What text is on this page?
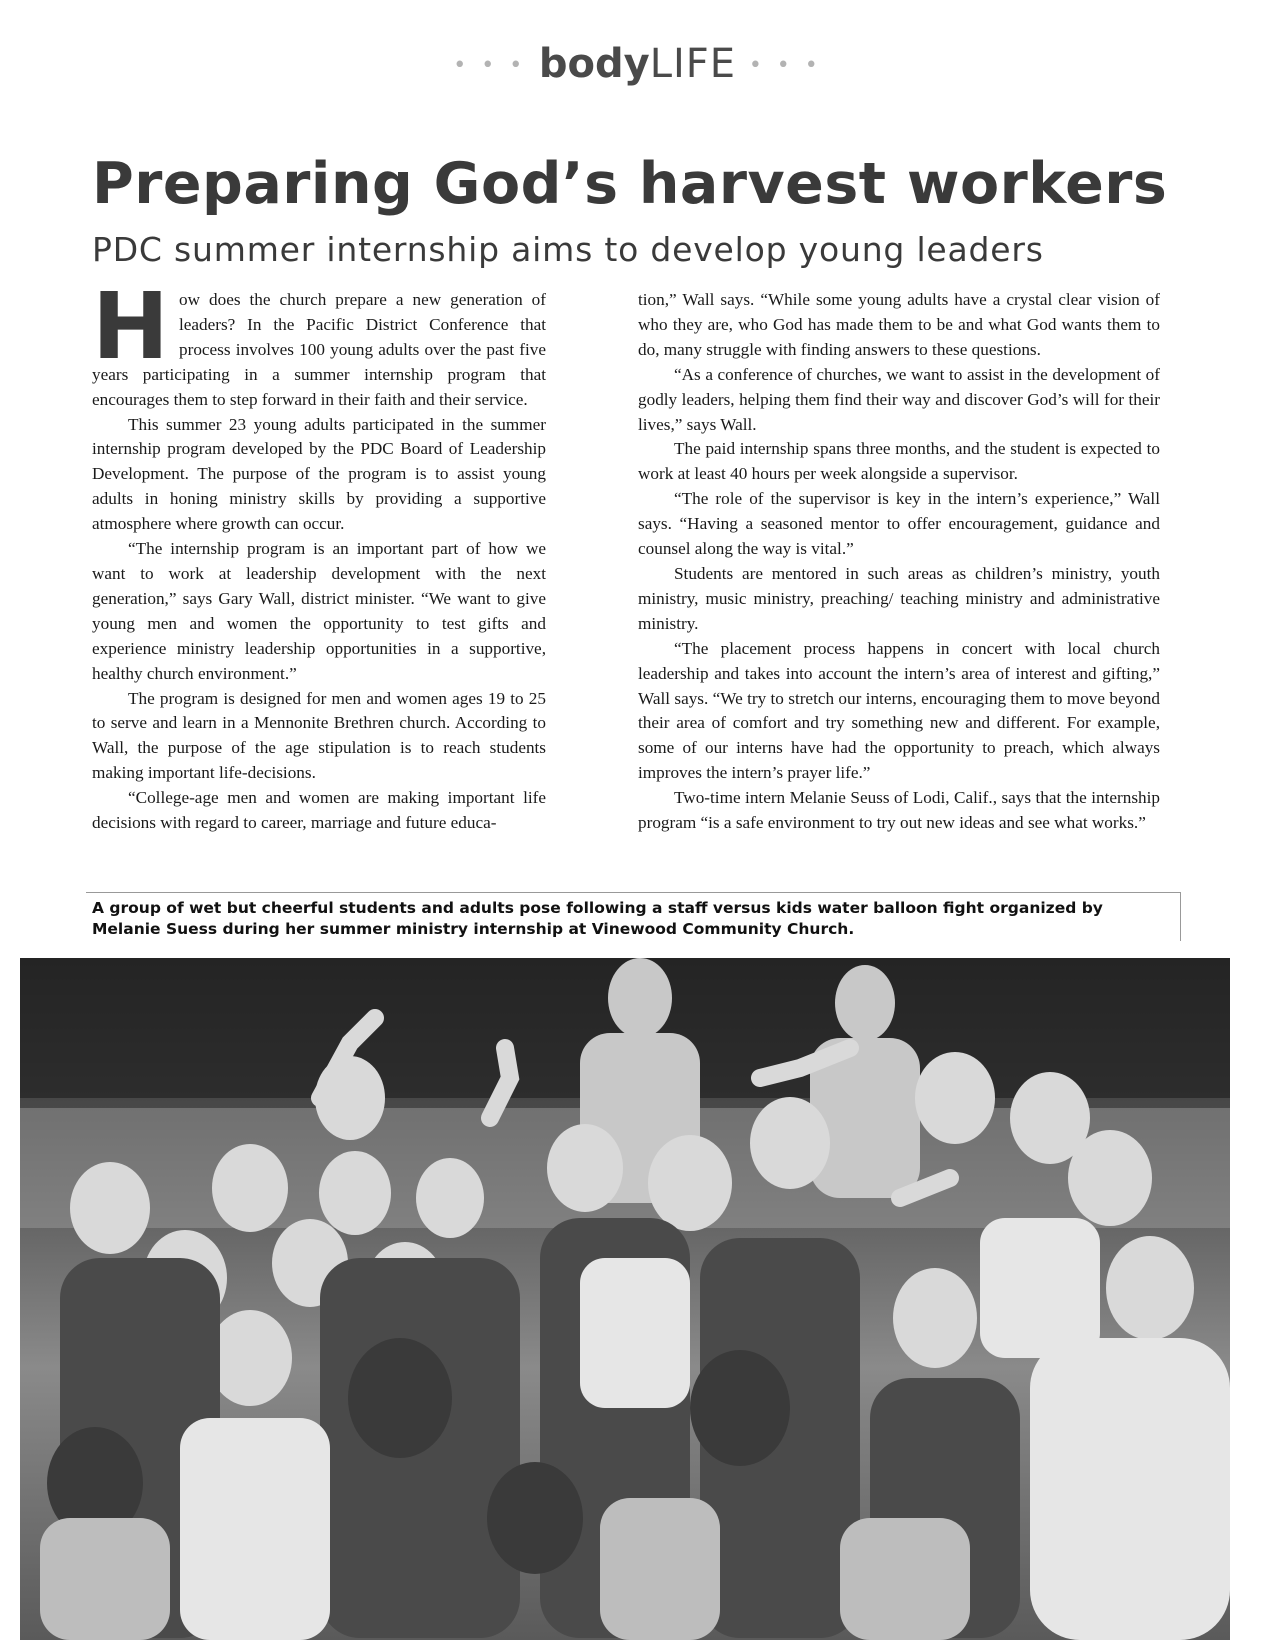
• • • bodyLIFE • • •
Preparing God’s harvest workers
PDC summer internship aims to develop young leaders

How does the church prepare a new generation of leaders? In the Pacific District Conference that process involves 100 young adults over the past five years participating in a summer internship program that encourages them to step forward in their faith and their service.

This summer 23 young adults participated in the summer internship program developed by the PDC Board of Leadership Development. The purpose of the program is to assist young adults in honing ministry skills by providing a supportive atmosphere where growth can occur.

“The internship program is an important part of how we want to work at leadership development with the next generation,” says Gary Wall, district minister. “We want to give young men and women the opportunity to test gifts and experience ministry leadership opportunities in a supportive, healthy church environment.”

The program is designed for men and women ages 19 to 25 to serve and learn in a Mennonite Brethren church. According to Wall, the purpose of the age stipulation is to reach students making important life-decisions.

“College-age men and women are making important life decisions with regard to career, marriage and future educa-

tion,” Wall says. “While some young adults have a crystal clear vision of who they are, who God has made them to be and what God wants them to do, many struggle with finding answers to these questions.

“As a conference of churches, we want to assist in the development of godly leaders, helping them find their way and discover God’s will for their lives,” says Wall.

The paid internship spans three months, and the student is expected to work at least 40 hours per week alongside a supervisor.

“The role of the supervisor is key in the intern’s experience,” Wall says. “Having a seasoned mentor to offer encouragement, guidance and counsel along the way is vital.”

Students are mentored in such areas as children’s ministry, youth ministry, music ministry, preaching/ teaching ministry and administrative ministry.

“The placement process happens in concert with local church leadership and takes into account the intern’s area of interest and gifting,” Wall says. “We try to stretch our interns, encouraging them to move beyond their area of comfort and try something new and different. For example, some of our interns have had the opportunity to preach, which always improves the intern’s prayer life.”

Two-time intern Melanie Seuss of Lodi, Calif., says that the internship program “is a safe environment to try out new ideas and see what works.”

A group of wet but cheerful students and adults pose following a staff versus kids water balloon fight organized by Melanie Suess during her summer ministry internship at Vinewood Community Church.
